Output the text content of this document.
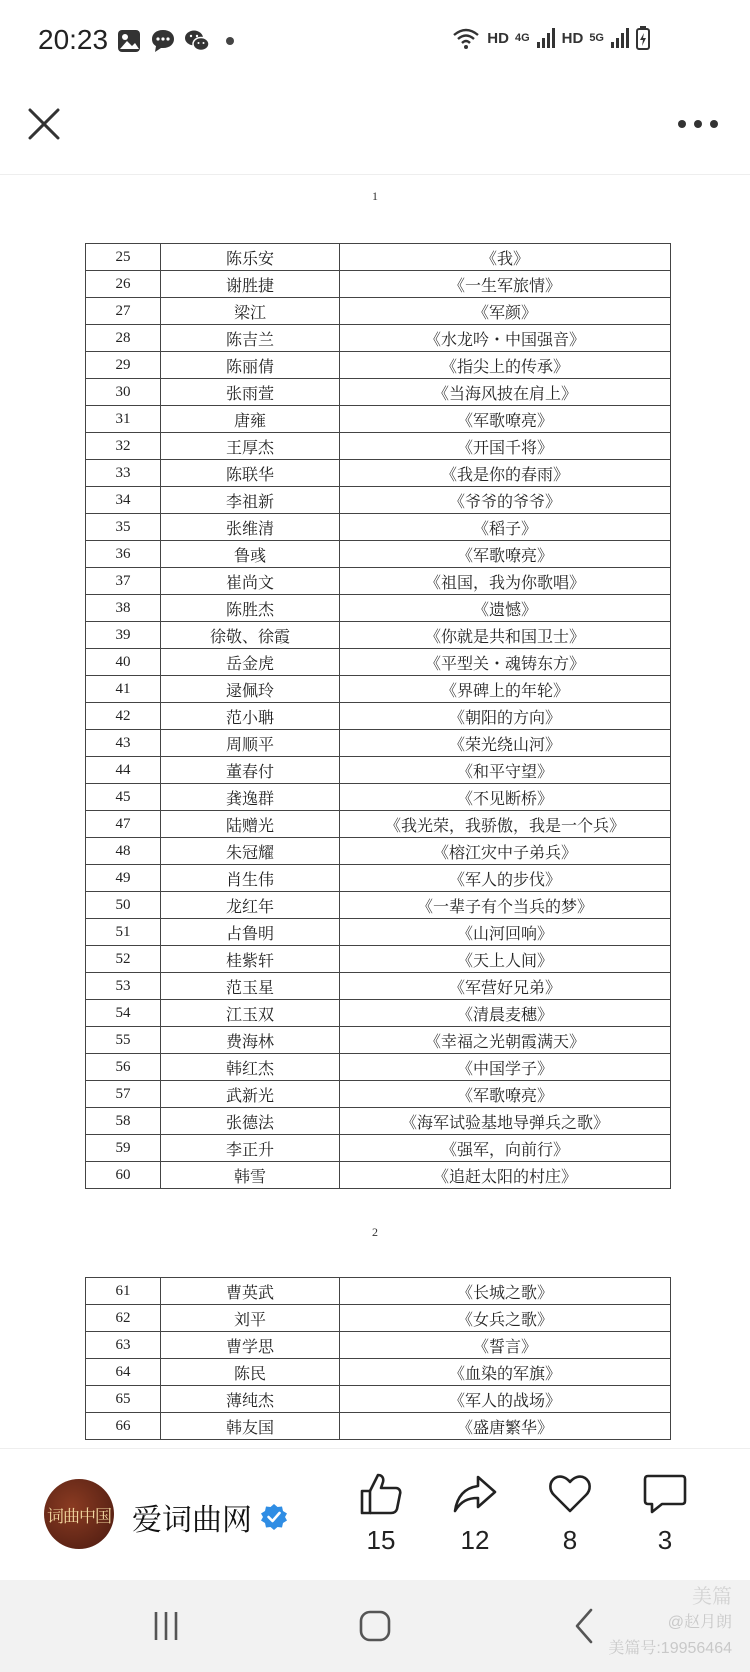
20:23	HD 4G HD 5G
1
25	陈乐安	《我》
26	谢胜捷	《一生军旅情》
27	梁江	《军颜》
28	陈吉兰	《水龙吟・中国强音》
29	陈丽倩	《指尖上的传承》
30	张雨萱	《当海风披在肩上》
31	唐雍	《军歌嘹亮》
32	王厚杰	《开国千将》
33	陈联华	《我是你的春雨》
34	李祖新	《爷爷的爷爷》
35	张维清	《稻子》
36	鲁彧	《军歌嘹亮》
37	崔尚文	《祖国，我为你歌唱》
38	陈胜杰	《遗憾》
39	徐敬、徐霞	《你就是共和国卫士》
40	岳金虎	《平型关・魂铸东方》
41	逯佩玲	《界碑上的年轮》
42	范小聃	《朝阳的方向》
43	周顺平	《荣光绕山河》
44	董春付	《和平守望》
45	龚逸群	《不见断桥》
47	陆赠光	《我光荣，我骄傲，我是一个兵》
48	朱冠耀	《榕江灾中子弟兵》
49	肖生伟	《军人的步伐》
50	龙红年	《一辈子有个当兵的梦》
51	占鲁明	《山河回响》
52	桂紫轩	《天上人间》
53	范玉星	《军营好兄弟》
54	江玉双	《清晨麦穗》
55	费海林	《幸福之光朝霞满天》
56	韩红杰	《中国学子》
57	武新光	《军歌嘹亮》
58	张德法	《海军试验基地导弹兵之歌》
59	李正升	《强军，向前行》
60	韩雪	《追赶太阳的村庄》
2
61	曹英武	《长城之歌》
62	刘平	《女兵之歌》
63	曹学思	《誓言》
64	陈民	《血染的军旗》
65	薄纯杰	《军人的战场》
66	韩友国	《盛唐繁华》
词曲中国 爱词曲网
15	12	8	3
美篇
@赵月朗
美篇号:19956464
